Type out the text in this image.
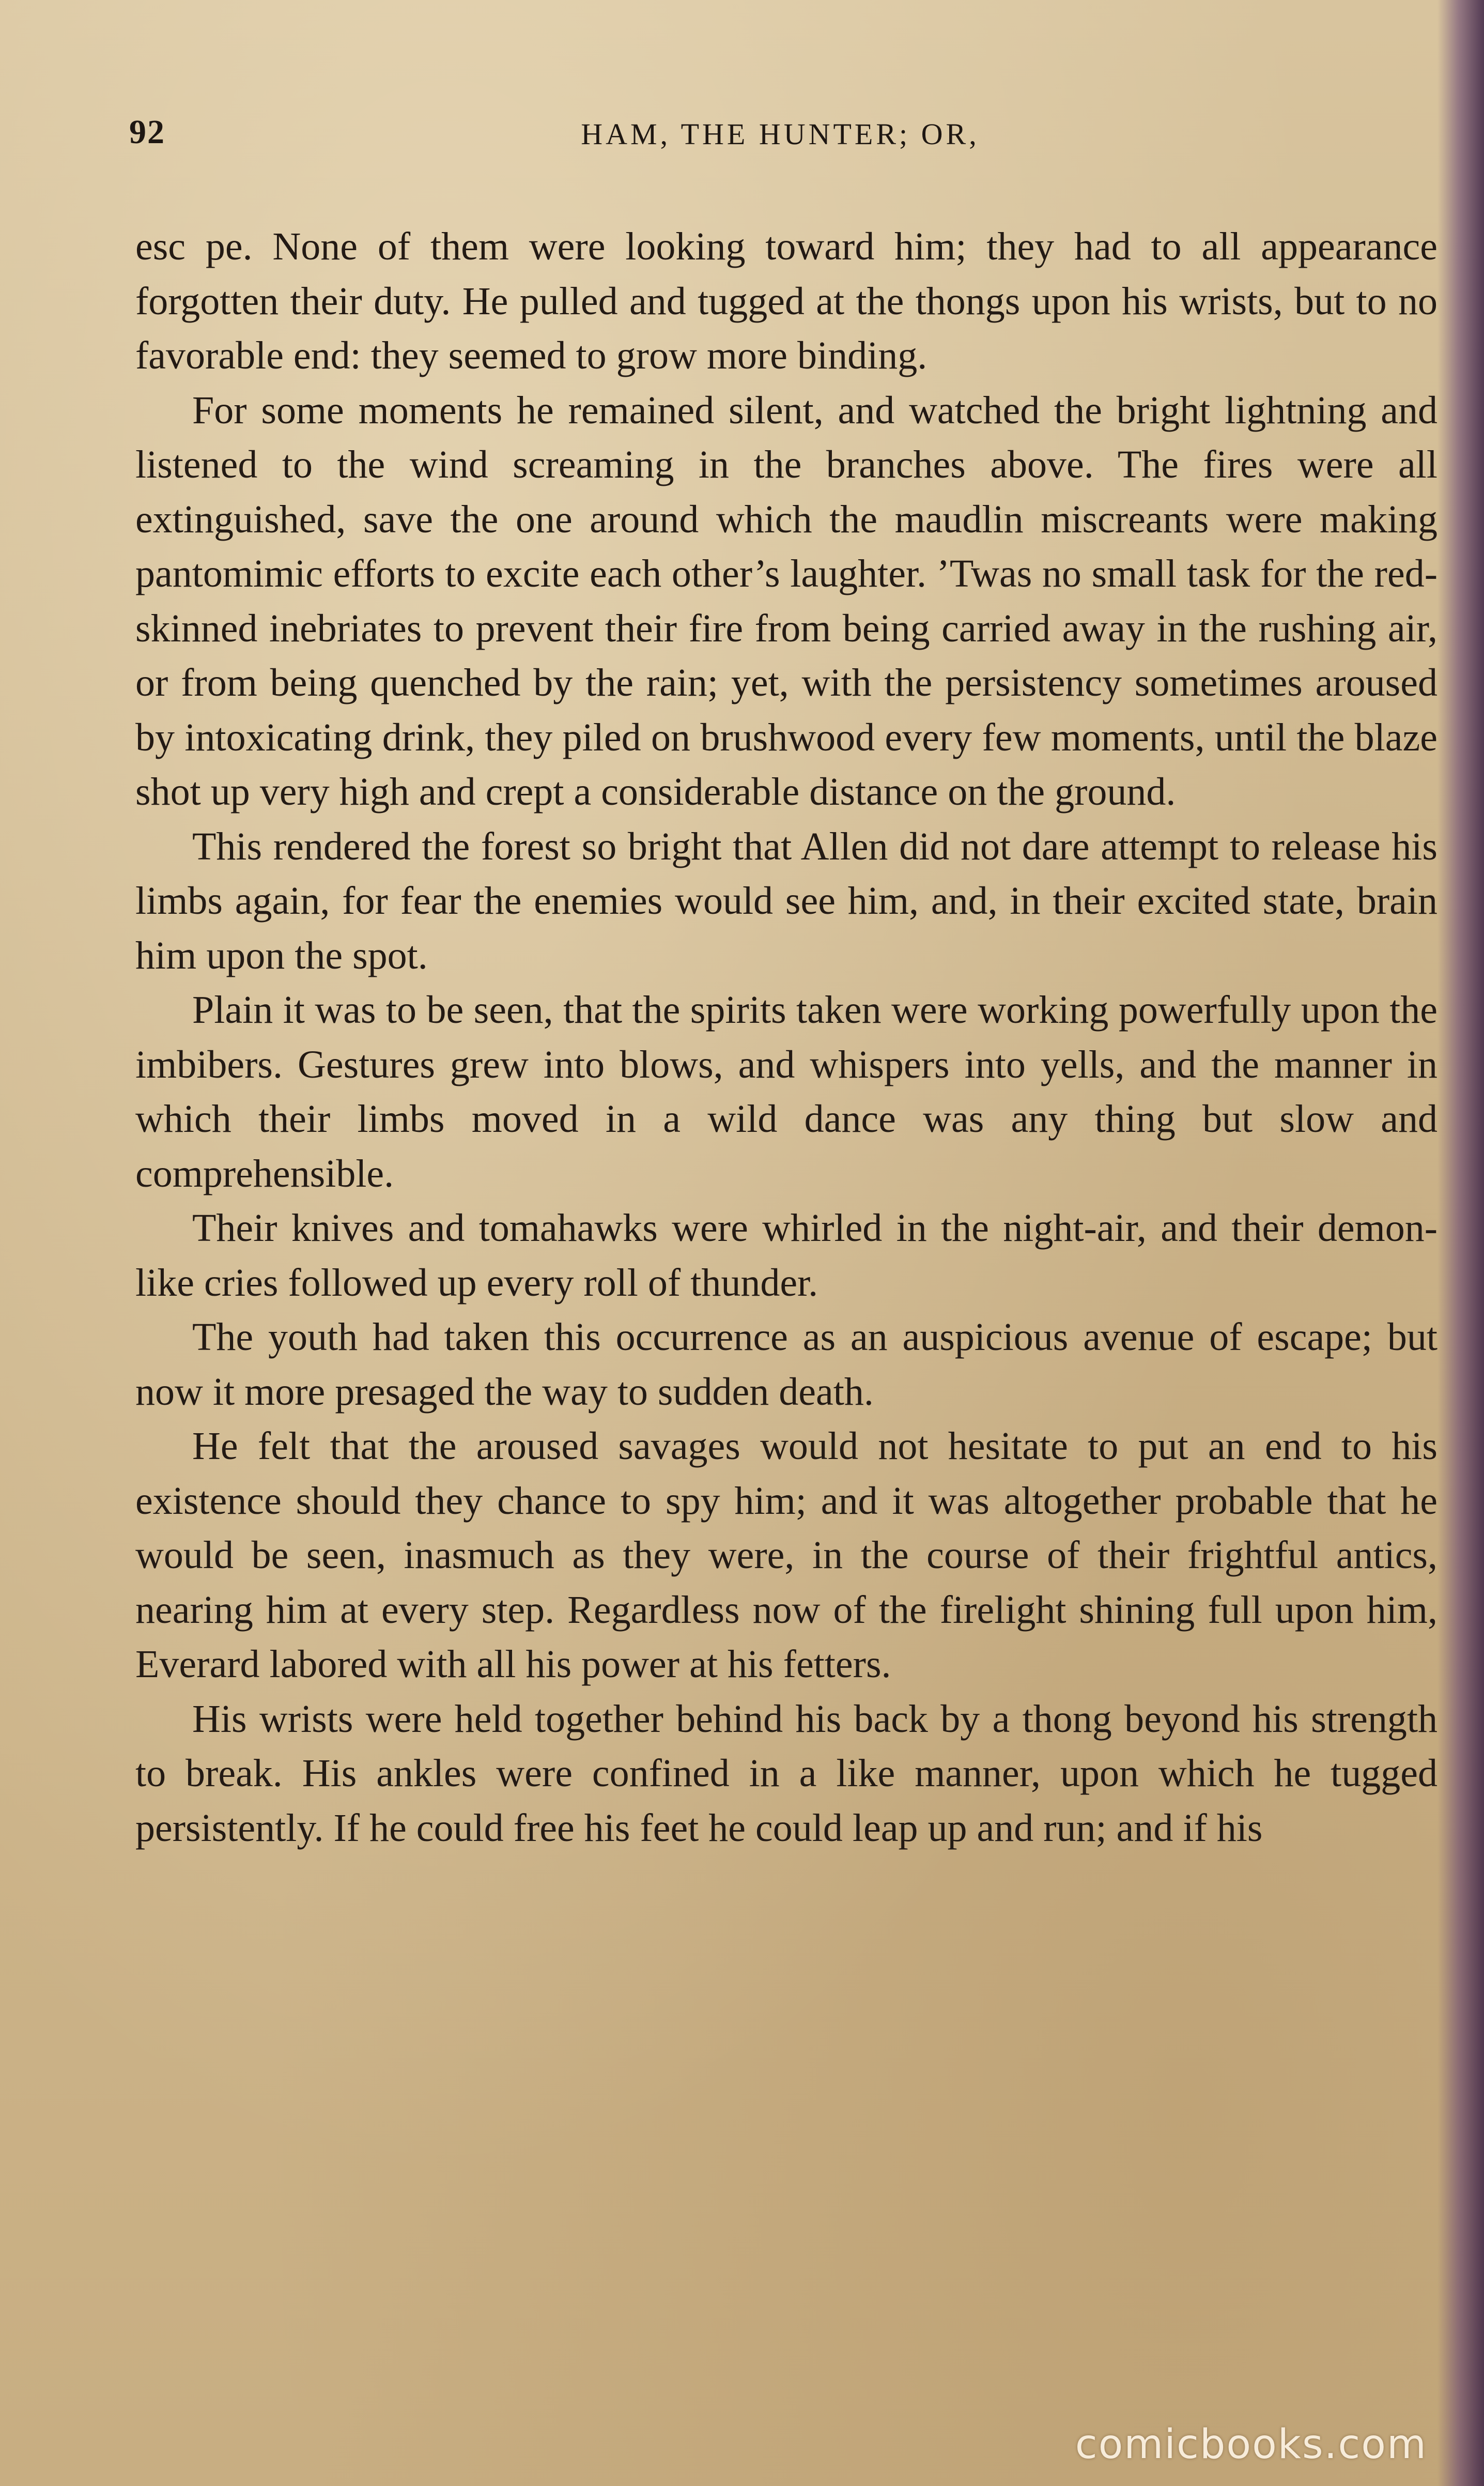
92	HAM, THE HUNTER; OR,

esc pe. None of them were looking toward him; they had to all appearance forgotten their duty. He pulled and tugged at the thongs upon his wrists, but to no favorable end: they seemed to grow more binding.

For some moments he remained silent, and watched the bright lightning and listened to the wind screaming in the branches above. The fires were all extinguished, save the one around which the maudlin miscreants were making pantomimic efforts to excite each other’s laughter. ’Twas no small task for the red-skinned inebriates to prevent their fire from being carried away in the rushing air, or from being quenched by the rain; yet, with the persistency sometimes aroused by intoxicating drink, they piled on brushwood every few moments, until the blaze shot up very high and crept a considerable distance on the ground.

This rendered the forest so bright that Allen did not dare attempt to release his limbs again, for fear the enemies would see him, and, in their excited state, brain him upon the spot.

Plain it was to be seen, that the spirits taken were working powerfully upon the imbibers. Gestures grew into blows, and whispers into yells, and the manner in which their limbs moved in a wild dance was any thing but slow and comprehensible.

Their knives and tomahawks were whirled in the night-air, and their demon-like cries followed up every roll of thunder.

The youth had taken this occurrence as an auspicious avenue of escape; but now it more presaged the way to sudden death.

He felt that the aroused savages would not hesitate to put an end to his existence should they chance to spy him; and it was altogether probable that he would be seen, inasmuch as they were, in the course of their frightful antics, nearing him at every step. Regardless now of the firelight shining full upon him, Everard labored with all his power at his fetters.

His wrists were held together behind his back by a thong beyond his strength to break. His ankles were confined in a like manner, upon which he tugged persistently. If he could free his feet he could leap up and run; and if his

comicbooks.com
